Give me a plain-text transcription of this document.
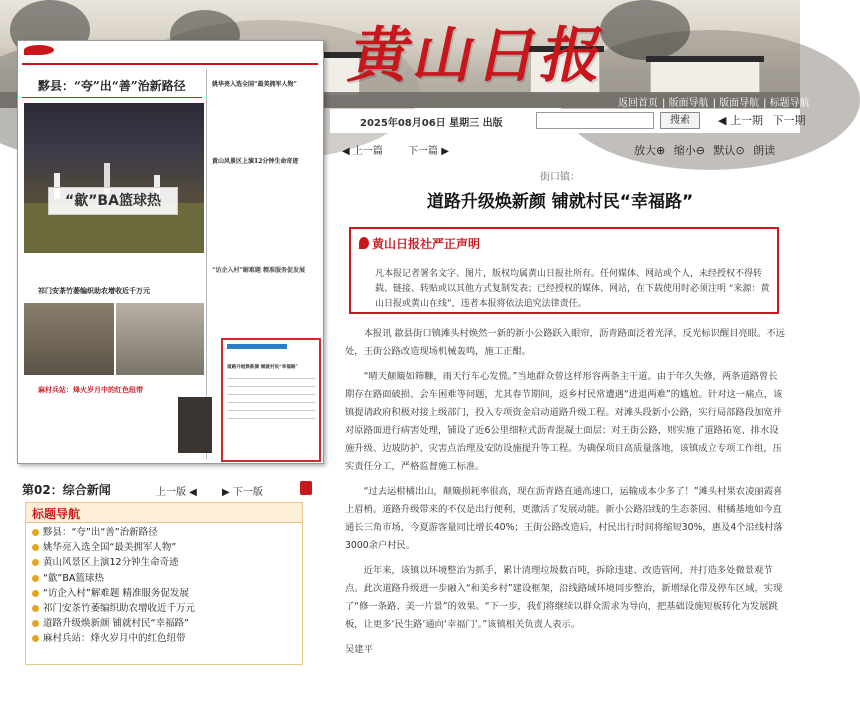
黄山日报
返回首页 | 版面导航 | 版面导航 | 标题导航
2025年08月06日 星期三 出版	搜索	◀ 上一期 下一期
黟县：“夸”出“善”治新路径	姚华亮入选全国“最美拥军人物”
黄山风景区上演12分钟生命奇迹
“歙”BA篮球热
“访企入村”解难题 精准服务促发展
祁门安茶竹萎编织助农增收近千万元
麻村兵站：烽火岁月中的红色纽带
道路升级焕新颜 铺就村民“幸福路”
第02：综合新闻	上一版 ◀	▶ 下一版
标题导航
黟县：“夸”出“善”治新路径
姚华亮入选全国“最美拥军人物”
黄山风景区上演12分钟生命奇迹
“歙”BA篮球热
“访企入村”解难题 精准服务促发展
祁门安茶竹萎编织助农增收近千万元
道路升级焕新颜 铺就村民“幸福路”
麻村兵站：烽火岁月中的红色纽带
◀ 上一篇	下一篇 ▶	放大⊕ 缩小⊖ 默认⊙ 朗读
街口镇：
道路升级焕新颜 铺就村民“幸福路”
黄山日报社严正声明
凡本报记者署名文字、图片，版权均属黄山日报社所有。任何媒体、网站或个人，未经授权不得转载、链接、转贴或以其他方式复制发表；已经授权的媒体、网站，在下载使用时必须注明 “来源：黄山日报或黄山在线”，违者本报将依法追究法律责任。

本报讯 歙县街口镇滩头村焕然一新的新小公路跃入眼帘，沥青路面泛着光泽，反光标识醒目亮眼。不远处，王街公路改造现场机械轰鸣，施工正酣。

“晴天颠簸如筛糠，雨天行车心发慌。”当地群众曾这样形容两条主干道。由于年久失修，两条道路曾长期存在路面破损、会车困难等问题，尤其春节期间，返乡村民常遭遇“进退两难”的尴尬。针对这一痛点，该镇提请政府积极对接上级部门，投入专项资金启动道路升级工程。对滩头段新小公路，实行局部路段加宽并对原路面进行病害处理，铺设了近6公里细粒式沥青混凝土面层；对王街公路，则实施了道路拓宽、排水设施升级、边坡防护、灾害点治理及安防设施提升等工程。为确保项目高质量落地，该镇成立专项工作组，压实责任分工，严格监督施工标准。

“过去运柑橘出山，颠簸损耗率很高，现在沥青路直通高速口，运输成本少多了！”滩头村果农凌丽霞喜上眉梢。道路升级带来的不仅是出行便利，更激活了发展动能。新小公路沿线的生态茶园、柑橘基地如今直通长三角市场，今夏游客量同比增长40%；王街公路改造后，村民出行时间将缩短30%，惠及4个沿线村落3000余户村民。

近年来，该镇以环境整治为抓手，累计清理垃圾数百吨，拆除违建、改造管网，并打造多处微景观节点。此次道路升级进一步融入“和美乡村”建设框架，沿线路域环境同步整治，新增绿化带及停车区域，实现了“修一条路、美一片景”的效果。“下一步，我们将继续以群众需求为导向，把基础设施短板转化为发展跳板，让更多‘民生路’通向‘幸福门’。”该镇相关负责人表示。

吴建平
